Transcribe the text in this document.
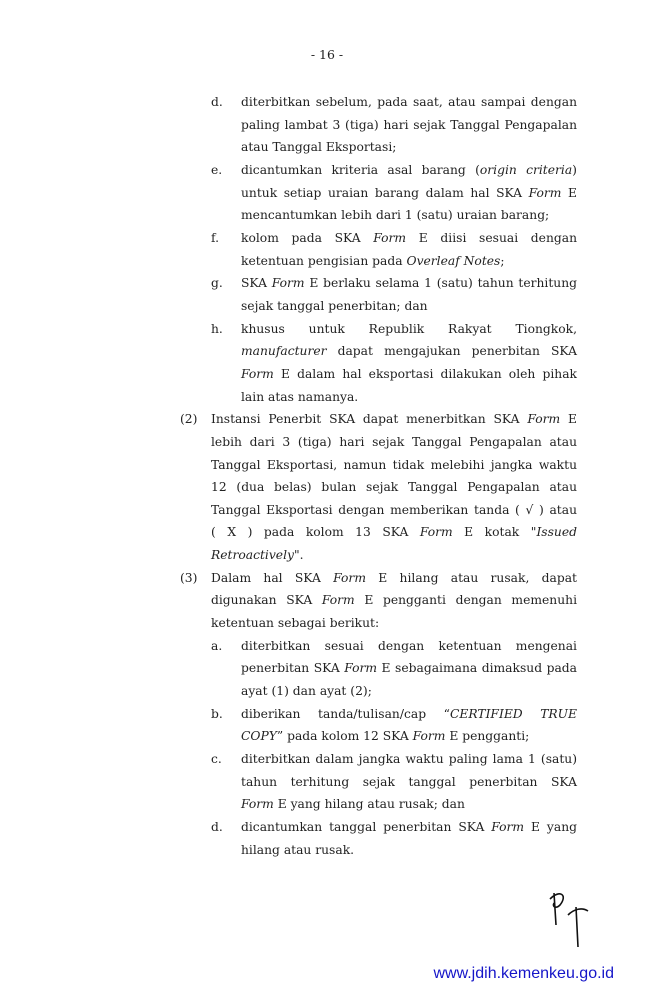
- 16 -
d. diterbitkan sebelum, pada saat, atau sampai dengan
paling lambat 3 (tiga) hari sejak Tanggal Pengapalan
atau Tanggal Eksportasi;
e. dicantumkan kriteria asal barang (origin criteria)
untuk setiap uraian barang dalam hal SKA Form E
mencantumkan lebih dari 1 (satu) uraian barang;
f. kolom pada SKA Form E diisi sesuai dengan
ketentuan pengisian pada Overleaf Notes ;
g. SKA Form E berlaku selama 1 (satu) tahun terhitung
sejak tanggal penerbitan; dan
h. khusus untuk Republik Rakyat Tiongkok,
manufacturer dapat mengajukan penerbitan SKA
Form E dalam hal eksportasi dilakukan oleh pihak
lain atas namanya.
(2) Instansi Penerbit SKA dapat menerbitkan SKA Form E
lebih dari 3 (tiga) hari sejak Tanggal Pengapalan atau
Tanggal Eksportasi, namun tidak melebihi jangka waktu
12 (dua belas) bulan sejak Tanggal Pengapalan atau
Tanggal Eksportasi dengan memberikan tanda ( √ ) atau
( X ) pada kolom 13 SKA Form E kotak "Issued
Retroactively ".
(3) Dalam hal SKA Form E hilang atau rusak, dapat
digunakan SKA Form E pengganti dengan memenuhi
ketentuan sebagai berikut:
a. diterbitkan sesuai dengan ketentuan mengenai
penerbitan SKA Form E sebagaimana dimaksud pada
ayat (1) dan ayat (2);
b. diberikan tanda/tulisan/cap “CERTIFIED TRUE
COPY ” pada kolom 12 SKA Form E pengganti;
c. diterbitkan dalam jangka waktu paling lama 1 (satu)
tahun terhitung sejak tanggal penerbitan SKA
Form E yang hilang atau rusak; dan
d. dicantumkan tanggal penerbitan SKA Form E yang
hilang atau rusak.
www.jdih.kemenkeu.go.id
